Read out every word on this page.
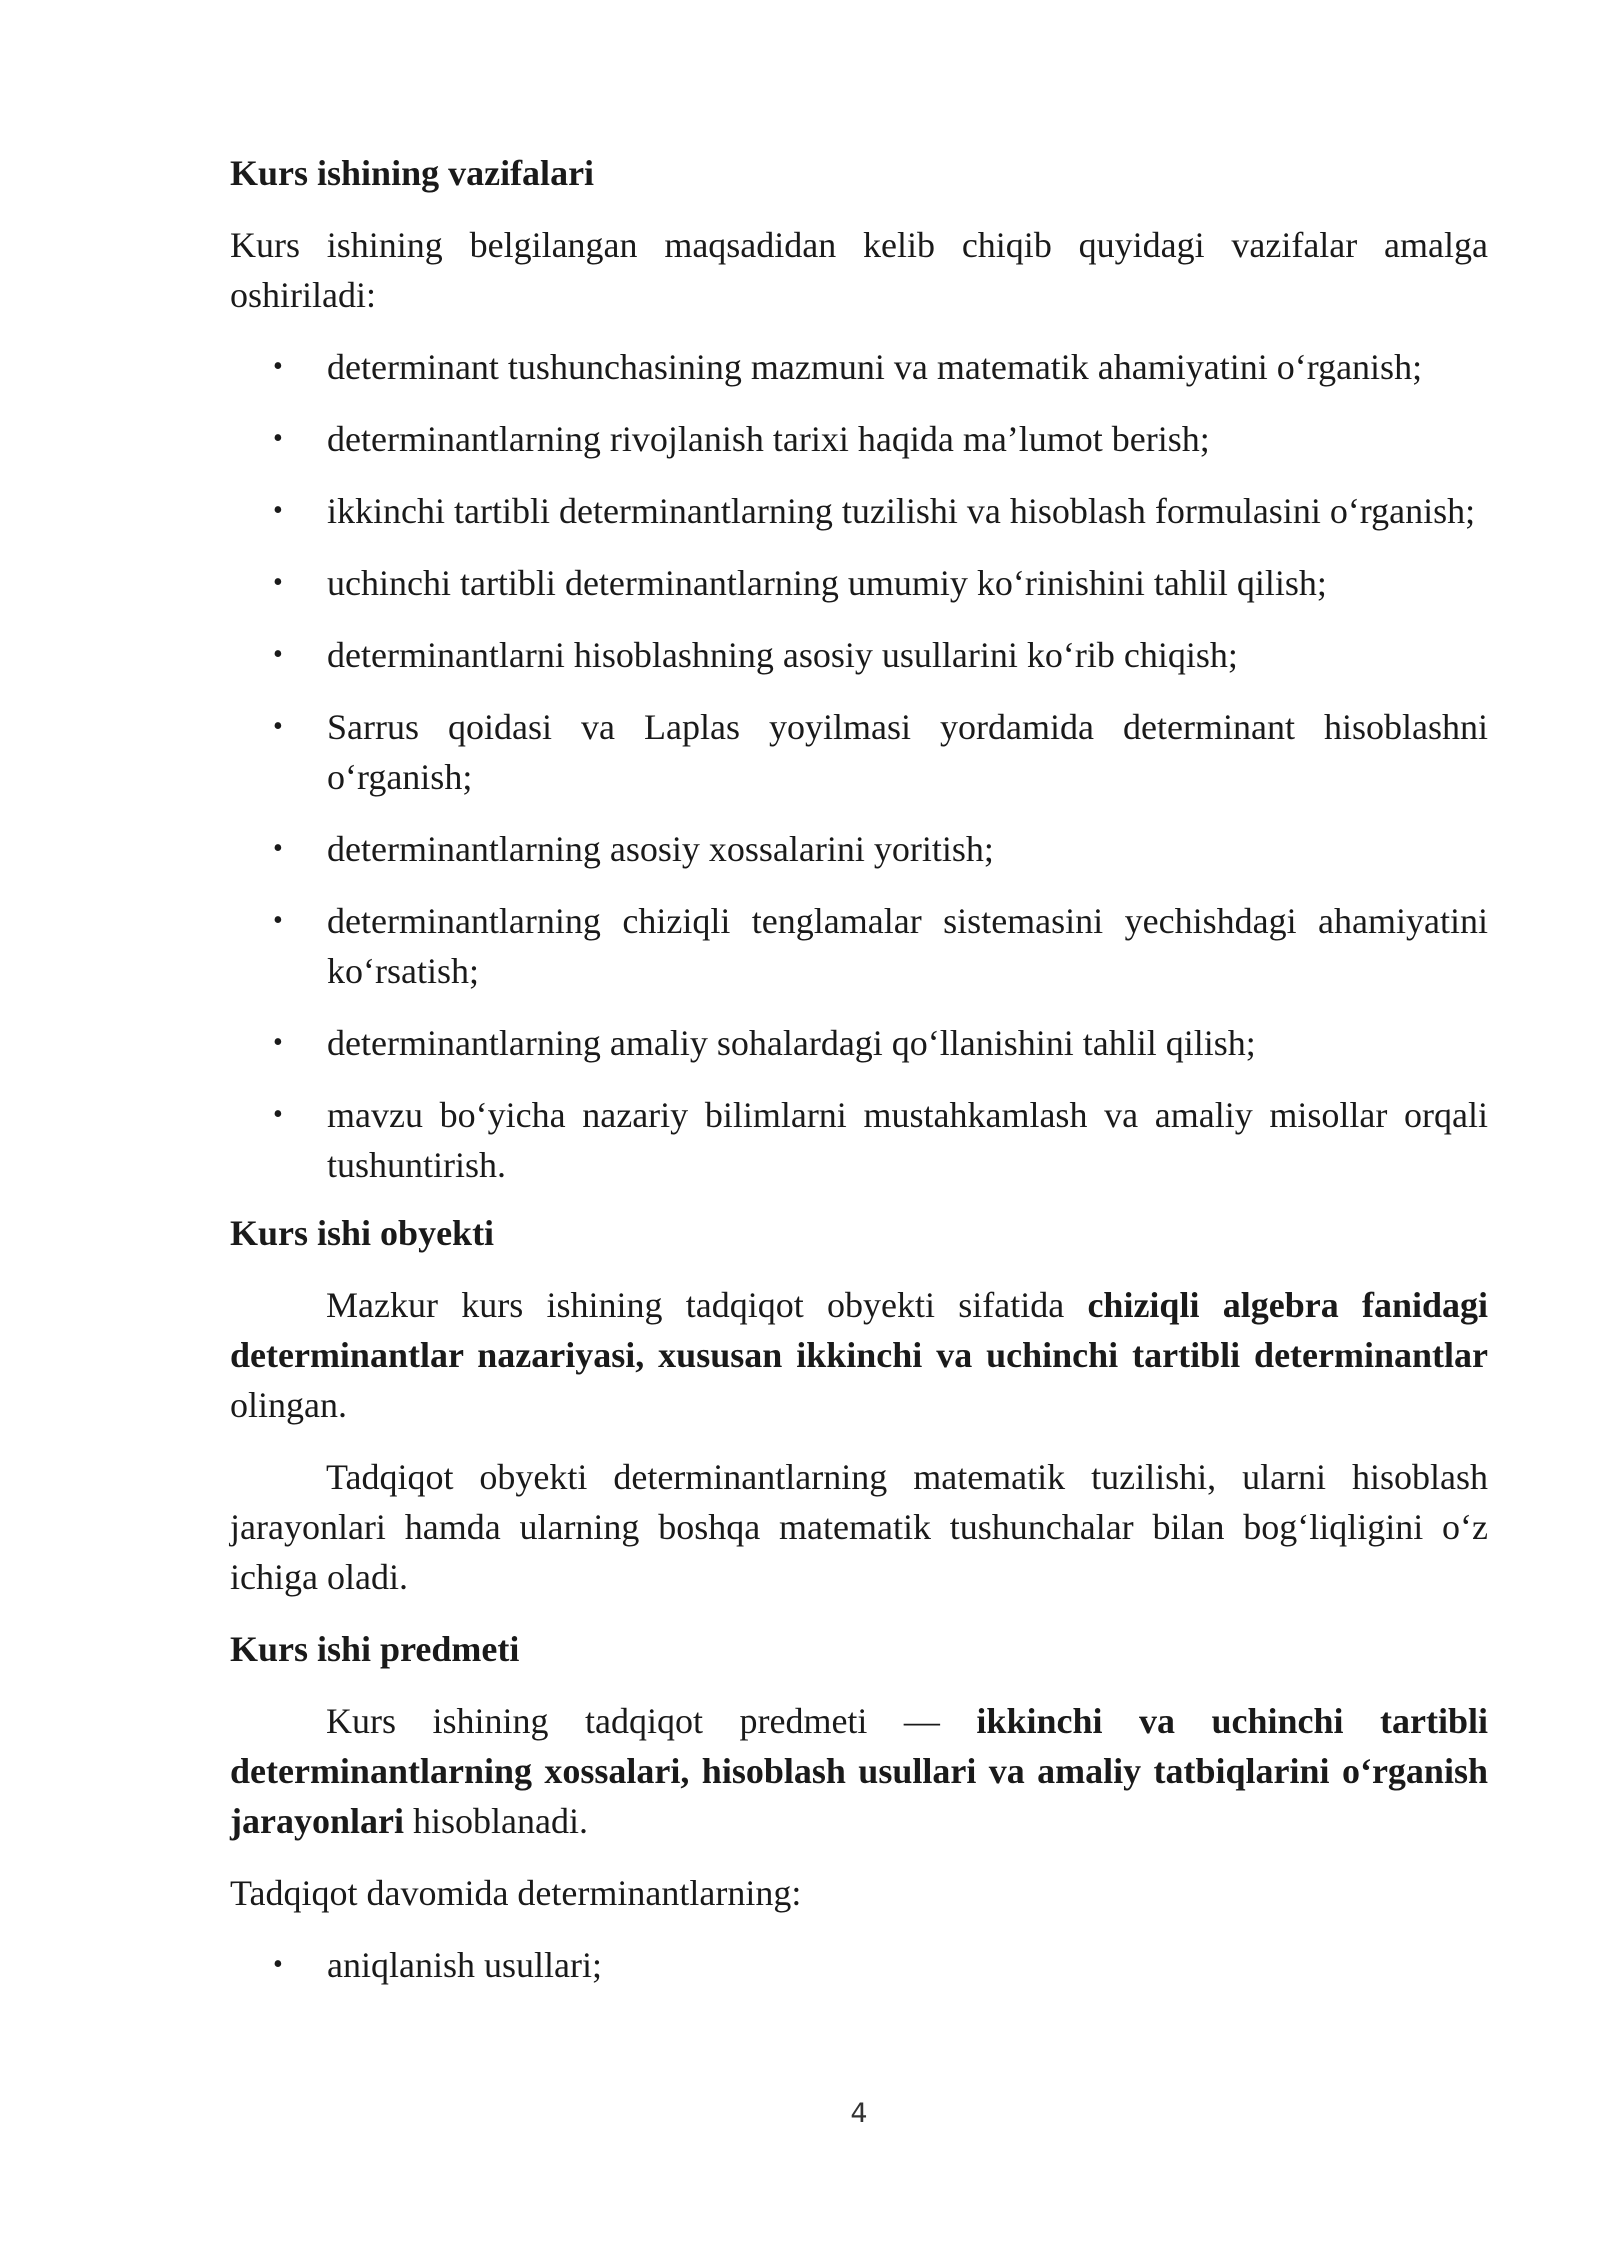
Kurs ishining vazifalari

Kurs ishining belgilangan maqsadidan kelib chiqib quyidagi vazifalar amalga oshiriladi:

• determinant tushunchasining mazmuni va matematik ahamiyatini o‘rganish;
• determinantlarning rivojlanish tarixi haqida ma’lumot berish;
• ikkinchi tartibli determinantlarning tuzilishi va hisoblash formulasini o‘rganish;
• uchinchi tartibli determinantlarning umumiy ko‘rinishini tahlil qilish;
• determinantlarni hisoblashning asosiy usullarini ko‘rib chiqish;
• Sarrus qoidasi va Laplas yoyilmasi yordamida determinant hisoblashni o‘rganish;
• determinantlarning asosiy xossalarini yoritish;
• determinantlarning chiziqli tenglamalar sistemasini yechishdagi ahamiyatini ko‘rsatish;
• determinantlarning amaliy sohalardagi qo‘llanishini tahlil qilish;
• mavzu bo‘yicha nazariy bilimlarni mustahkamlash va amaliy misollar orqali tushuntirish.
Kurs ishi obyekti

Mazkur kurs ishining tadqiqot obyekti sifatida chiziqli algebra fanidagi determinantlar nazariyasi, xususan ikkinchi va uchinchi tartibli determinantlar olingan.

Tadqiqot obyekti determinantlarning matematik tuzilishi, ularni hisoblash jarayonlari hamda ularning boshqa matematik tushunchalar bilan bog‘liqligini o‘z ichiga oladi.

Kurs ishi predmeti

Kurs ishining tadqiqot predmeti — ikkinchi va uchinchi tartibli determinantlarning xossalari, hisoblash usullari va amaliy tatbiqlarini o‘rganish jarayonlari hisoblanadi.

Tadqiqot davomida determinantlarning:

• aniqlanish usullari;
4
